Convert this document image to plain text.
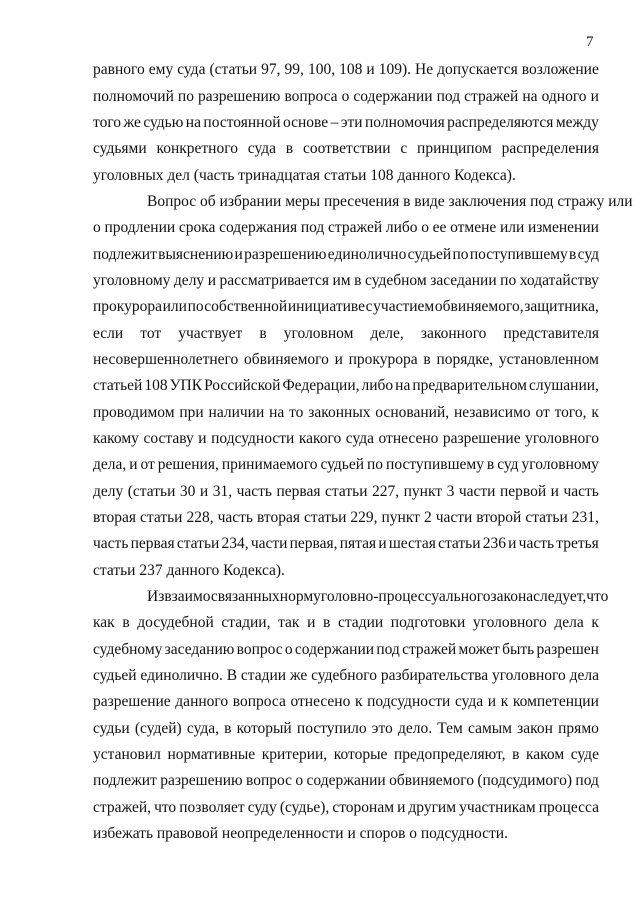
7
равного ему суда (статьи 97, 99, 100, 108 и 109). Не допускается возложение
полномочий по разрешению вопроса о содержании под стражей на одного и
того же судью на постоянной основе – эти полномочия распределяются между
судьями конкретного суда в соответствии с принципом распределения
уголовных дел (часть тринадцатая статьи 108 данного Кодекса).
Вопрос об избрании меры пресечения в виде заключения под стражу или
о продлении срока содержания под стражей либо о ее отмене или изменении
подлежит выяснению и разрешению единолично судьей по поступившему в суд
уголовному делу и рассматривается им в судебном заседании по ходатайству
прокурора или по собственной инициативе с участием обвиняемого, защитника,
если тот участвует в уголовном деле, законного представителя
несовершеннолетнего обвиняемого и прокурора в порядке, установленном
статьей 108 УПК Российской Федерации, либо на предварительном слушании,
проводимом при наличии на то законных оснований, независимо от того, к
какому составу и подсудности какого суда отнесено разрешение уголовного
дела, и от решения, принимаемого судьей по поступившему в суд уголовному
делу (статьи 30 и 31, часть первая статьи 227, пункт 3 части первой и часть
вторая статьи 228, часть вторая статьи 229, пункт 2 части второй статьи 231,
часть первая статьи 234, части первая, пятая и шестая статьи 236 и часть третья
статьи 237 данного Кодекса).
Из взаимосвязанных норм уголовно-процессуального закона следует, что
как в досудебной стадии, так и в стадии подготовки уголовного дела к
судебному заседанию вопрос о содержании под стражей может быть разрешен
судьей единолично. В стадии же судебного разбирательства уголовного дела
разрешение данного вопроса отнесено к подсудности суда и к компетенции
судьи (судей) суда, в который поступило это дело. Тем самым закон прямо
установил нормативные критерии, которые предопределяют, в каком суде
подлежит разрешению вопрос о содержании обвиняемого (подсудимого) под
стражей, что позволяет суду (судье), сторонам и другим участникам процесса
избежать правовой неопределенности и споров о подсудности.
